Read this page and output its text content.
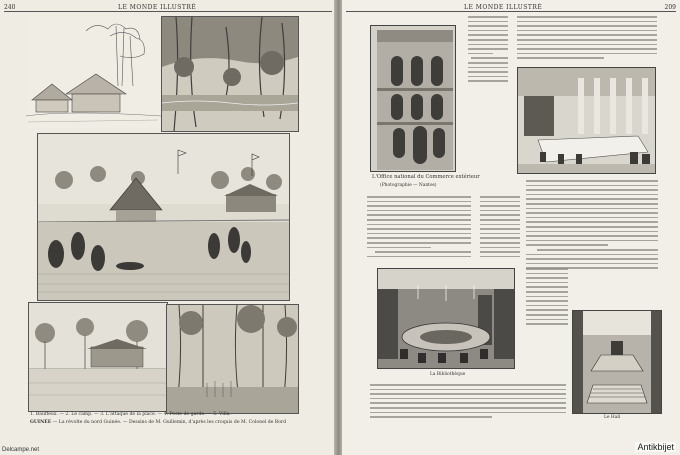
240	LE MONDE ILLUSTRÉ
1. Bauffeux. — 2. Le camp. — 3. L'attaque de la place. — 4. Poste de garde. — 5. Villa.
GUINÉE — La révolte du nord Guinée. — Dessins de M. Guillemin, d'après les croquis de M. Colonel de Bord
LE MONDE ILLUSTRÉ	209
L'Office national du Commerce extérieur
(Photographie — Nantes)
La Bibliothèque
Le Hall
Delcampe.net	Antikbijet
